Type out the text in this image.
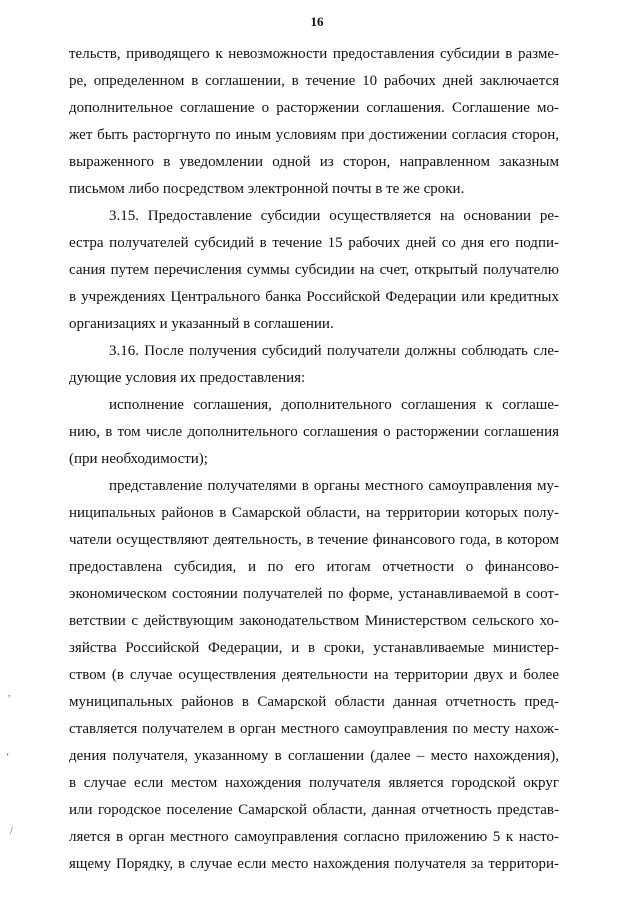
16
тельств, приводящего к невозможности предоставления субсидии в разме-
ре, определенном в соглашении, в течение 10 рабочих дней заключается
дополнительное соглашение о расторжении соглашения. Соглашение мо-
жет быть расторгнуто по иным условиям при достижении согласия сторон,
выраженного в уведомлении одной из сторон, направленном заказным
письмом либо посредством электронной почты в те же сроки.
3.15. Предоставление субсидии осуществляется на основании ре-
естра получателей субсидий в течение 15 рабочих дней со дня его подпи-
сания путем перечисления суммы субсидии на счет, открытый получателю
в учреждениях Центрального банка Российской Федерации или кредитных
организациях и указанный в соглашении.
3.16. После получения субсидий получатели должны соблюдать сле-
дующие условия их предоставления:
исполнение соглашения, дополнительного соглашения к соглаше-
нию, в том числе дополнительного соглашения о расторжении соглашения
(при необходимости);
представление получателями в органы местного самоуправления му-
ниципальных районов в Самарской области, на территории которых полу-
чатели осуществляют деятельность, в течение финансового года, в котором
предоставлена субсидия, и по его итогам отчетности о финансово-
экономическом состоянии получателей по форме, устанавливаемой в соот-
ветствии с действующим законодательством Министерством сельского хо-
зяйства Российской Федерации, и в сроки, устанавливаемые министер-
ством (в случае осуществления деятельности на территории двух и более
муниципальных районов в Самарской области данная отчетность пред-
ставляется получателем в орган местного самоуправления по месту нахож-
дения получателя, указанному в соглашении (далее – место нахождения),
в случае если местом нахождения получателя является городской округ
или городское поселение Самарской области, данная отчетность представ-
ляется в орган местного самоуправления согласно приложению 5 к насто-
ящему Порядку, в случае если место нахождения получателя за территори-
,
‘
/
